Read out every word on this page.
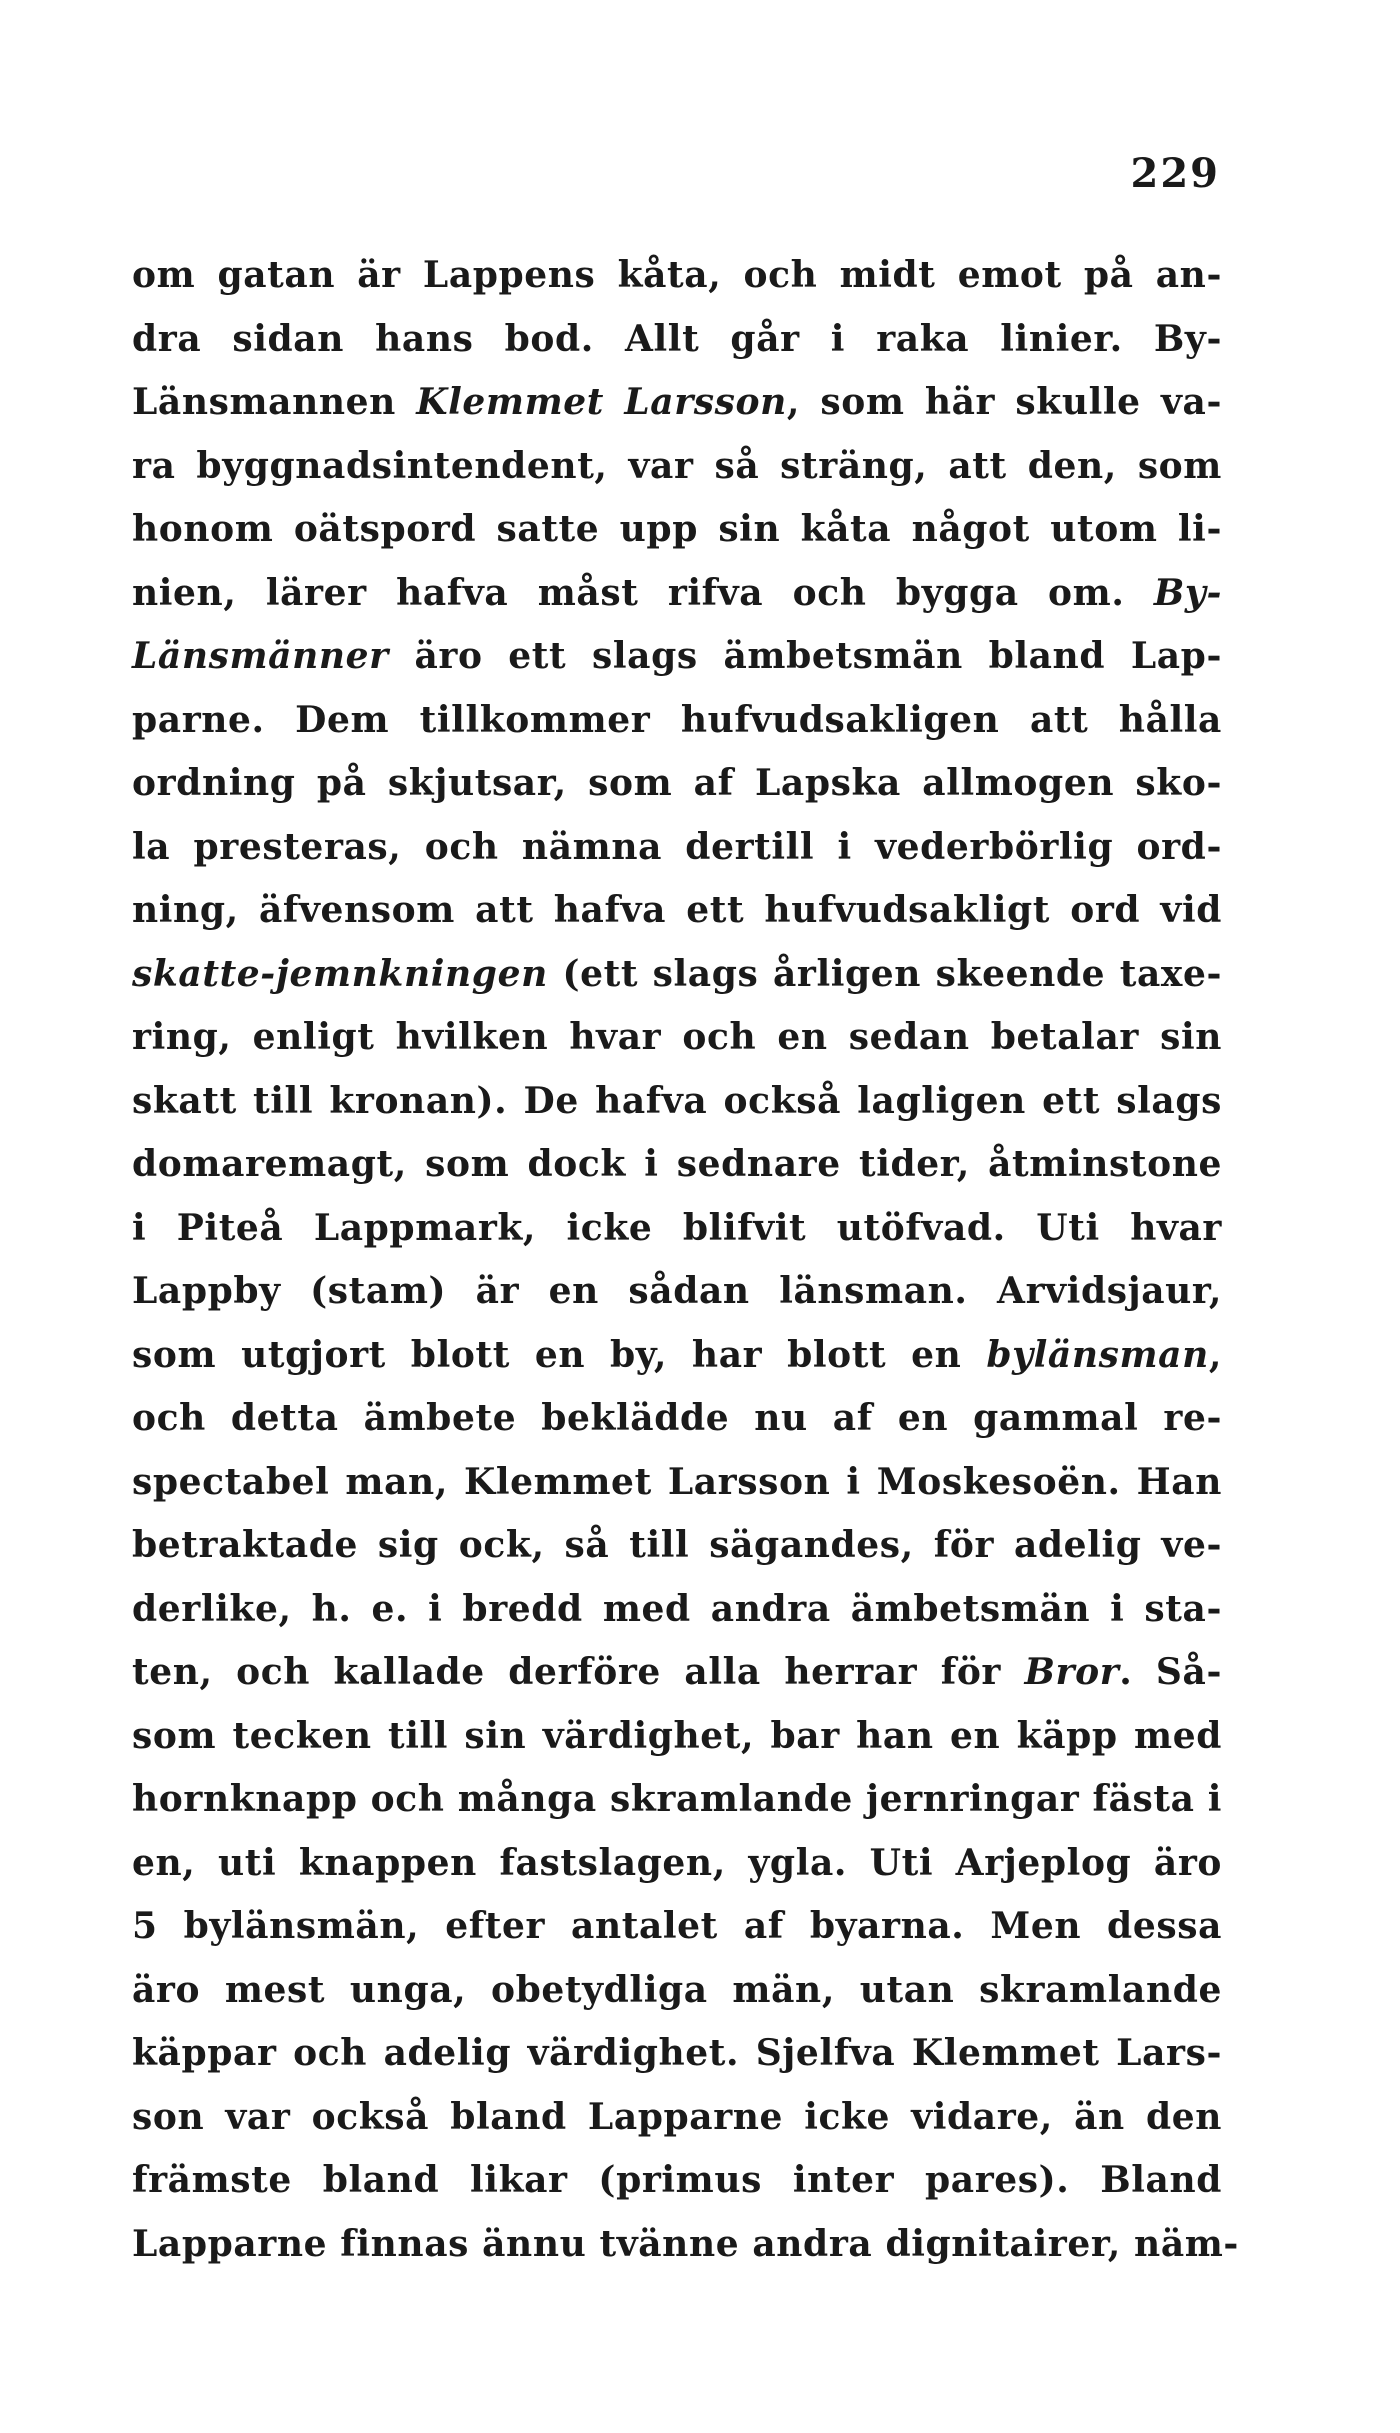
229
om gatan är Lappens kåta, och midt emot på an-
dra sidan hans bod. Allt går i raka linier. By-
Länsmannen Klemmet Larsson, som här skulle va-
ra byggnadsintendent, var så sträng, att den, som
honom oätspord satte upp sin kåta något utom li-
nien, lärer hafva måst rifva och bygga om. By-
Länsmänner äro ett slags ämbetsmän bland Lap-
parne. Dem tillkommer hufvudsakligen att hålla
ordning på skjutsar, som af Lapska allmogen sko-
la presteras, och nämna dertill i vederbörlig ord-
ning, äfvensom att hafva ett hufvudsakligt ord vid
skatte-jemnkningen (ett slags årligen skeende taxe-
ring, enligt hvilken hvar och en sedan betalar sin
skatt till kronan). De hafva också lagligen ett slags
domaremagt, som dock i sednare tider, åtminstone
i Piteå Lappmark, icke blifvit utöfvad. Uti hvar
Lappby (stam) är en sådan länsman. Arvidsjaur,
som utgjort blott en by, har blott en bylänsman,
och detta ämbete beklädde nu af en gammal re-
spectabel man, Klemmet Larsson i Moskesoën. Han
betraktade sig ock, så till sägandes, för adelig ve-
derlike, h. e. i bredd med andra ämbetsmän i sta-
ten, och kallade derföre alla herrar för Bror. Så-
som tecken till sin värdighet, bar han en käpp med
hornknapp och många skramlande jernringar fästa i
en, uti knappen fastslagen, ygla. Uti Arjeplog äro
5 bylänsmän, efter antalet af byarna. Men dessa
äro mest unga, obetydliga män, utan skramlande
käppar och adelig värdighet. Sjelfva Klemmet Lars-
son var också bland Lapparne icke vidare, än den
främste bland likar (primus inter pares). Bland
Lapparne finnas ännu tvänne andra dignitairer, näm-
